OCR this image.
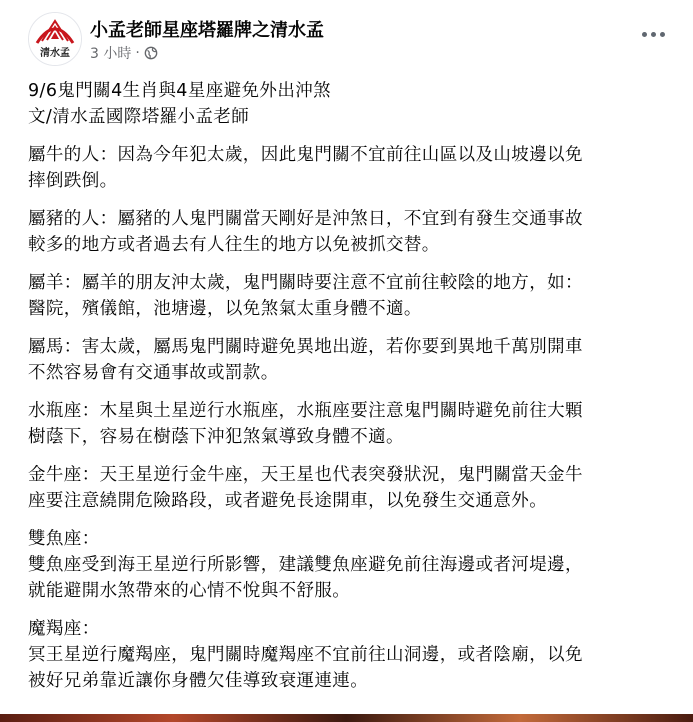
清水孟
小孟老師星座塔羅牌之清水孟
3 小時 ·
9/6鬼門關4生肖與4星座避免外出沖煞
文/清水孟國際塔羅小孟老師
屬牛的人：因為今年犯太歲，因此鬼門關不宜前往山區以及山坡邊以免
摔倒跌倒。
屬豬的人：屬豬的人鬼門關當天剛好是沖煞日，不宜到有發生交通事故
較多的地方或者過去有人往生的地方以免被抓交替。
屬羊：屬羊的朋友沖太歲，鬼門關時要注意不宜前往較陰的地方，如：
醫院，殯儀館，池塘邊，以免煞氣太重身體不適。
屬馬：害太歲，屬馬鬼門關時避免異地出遊，若你要到異地千萬別開車
不然容易會有交通事故或罰款。
水瓶座：木星與土星逆行水瓶座，水瓶座要注意鬼門關時避免前往大顆
樹蔭下，容易在樹蔭下沖犯煞氣導致身體不適。
金牛座：天王星逆行金牛座，天王星也代表突發狀況，鬼門關當天金牛
座要注意繞開危險路段，或者避免長途開車，以免發生交通意外。
雙魚座：
雙魚座受到海王星逆行所影響，建議雙魚座避免前往海邊或者河堤邊，
就能避開水煞帶來的心情不悅與不舒服。
魔羯座：
冥王星逆行魔羯座，鬼門關時魔羯座不宜前往山洞邊，或者陰廟，以免
被好兄弟靠近讓你身體欠佳導致衰運連連。
